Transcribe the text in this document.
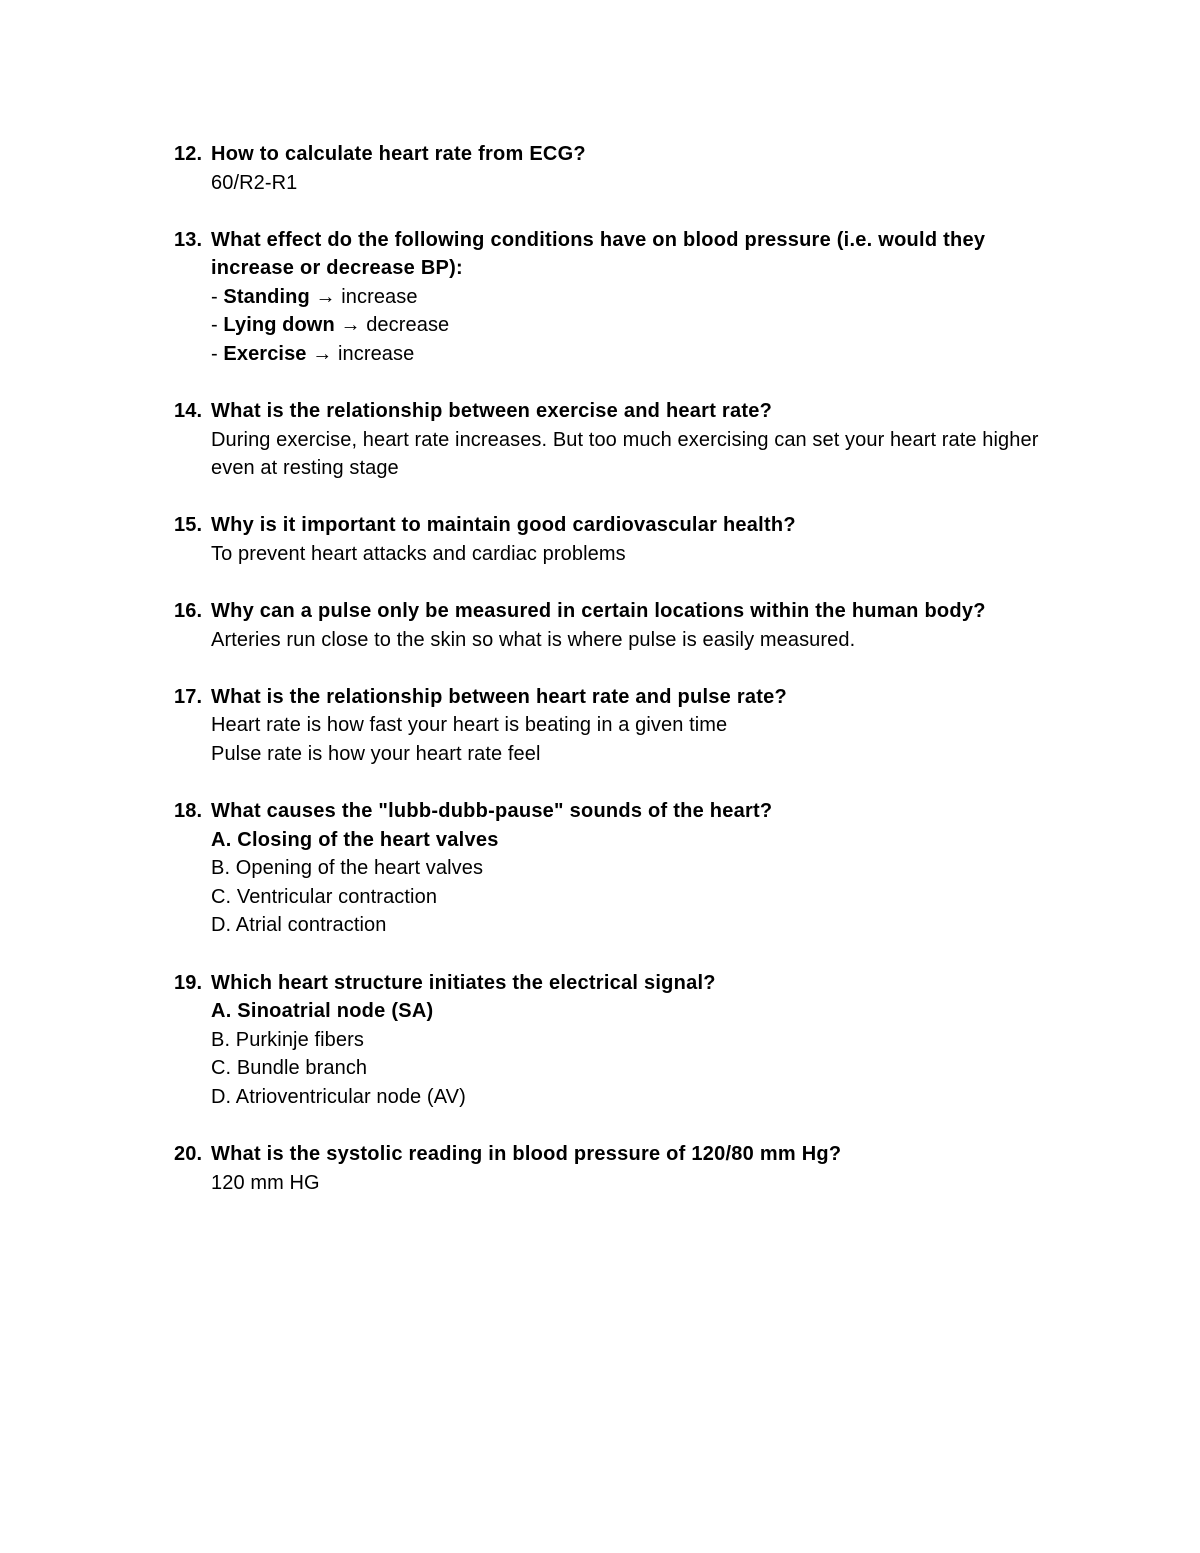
12. How to calculate heart rate from ECG?
60/R2-R1
13. What effect do the following conditions have on blood pressure (i.e. would they increase or decrease BP):
- Standing → increase
- Lying down → decrease
- Exercise → increase
14. What is the relationship between exercise and heart rate?
During exercise, heart rate increases. But too much exercising can set your heart rate higher even at resting stage
15. Why is it important to maintain good cardiovascular health?
To prevent heart attacks and cardiac problems
16. Why can a pulse only be measured in certain locations within the human body?
Arteries run close to the skin so what is where pulse is easily measured.
17. What is the relationship between heart rate and pulse rate?
Heart rate is how fast your heart is beating in a given time
Pulse rate is how your heart rate feel
18. What causes the "lubb-dubb-pause" sounds of the heart?
A. Closing of the heart valves
B. Opening of the heart valves
C. Ventricular contraction
D. Atrial contraction
19. Which heart structure initiates the electrical signal?
A. Sinoatrial node (SA)
B. Purkinje fibers
C. Bundle branch
D. Atrioventricular node (AV)
20. What is the systolic reading in blood pressure of 120/80 mm Hg?
120 mm HG
